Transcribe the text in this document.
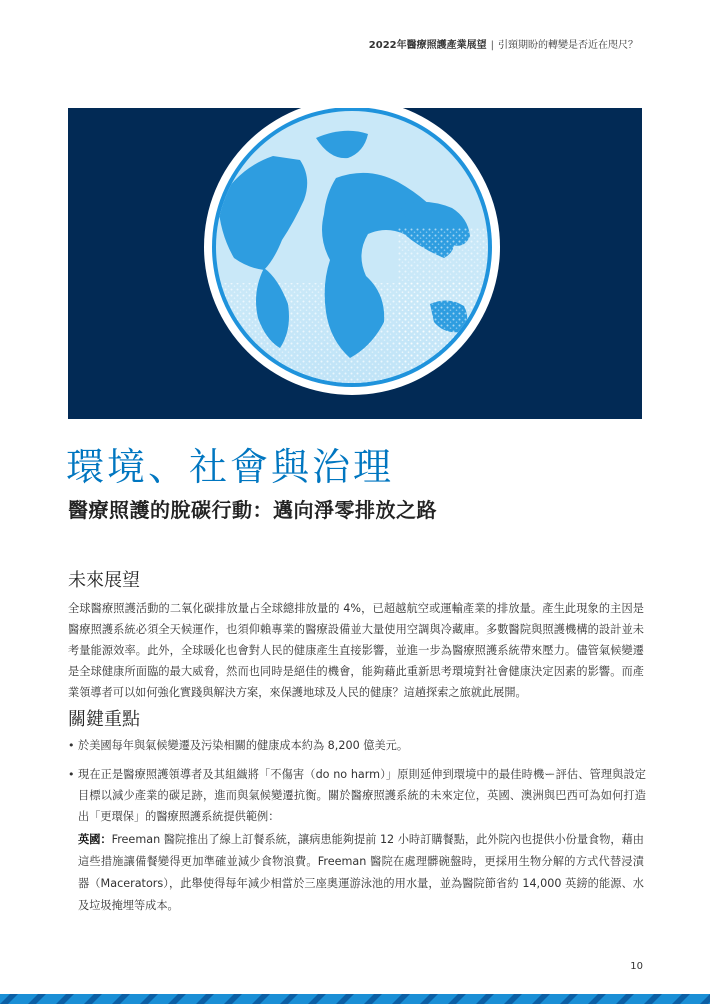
2022年醫療照護產業展望 | 引頸期盼的轉變是否近在咫尺？
環境、社會與治理
醫療照護的脫碳行動：邁向淨零排放之路
未來展望

全球醫療照護活動的二氧化碳排放量占全球總排放量的 4%，已超越航空或運輸產業的排放量。產生此現象的主因是醫療照護系統必須全天候運作，也須仰賴專業的醫療設備並大量使用空調與冷藏庫。多數醫院與照護機構的設計並未考量能源效率。此外，全球暖化也會對人民的健康產生直接影響，並進一步為醫療照護系統帶來壓力。儘管氣候變遷是全球健康所面臨的最大威脅，然而也同時是絕佳的機會，能夠藉此重新思考環境對社會健康決定因素的影響。而產業領導者可以如何強化實踐與解決方案，來保護地球及人民的健康？這趟探索之旅就此展開。

關鍵重點

• 於美國每年與氣候變遷及污染相關的健康成本約為 8,200 億美元。

• 現在正是醫療照護領導者及其組織將「不傷害（do no harm）」原則延伸到環境中的最佳時機ー評估、管理與設定目標以減少產業的碳足跡，進而與氣候變遷抗衡。關於醫療照護系統的未來定位，英國、澳洲與巴西可為如何打造出「更環保」的醫療照護系統提供範例：

英國：Freeman 醫院推出了線上訂餐系統，讓病患能夠提前 12 小時訂購餐點，此外院內也提供小份量食物，藉由這些措施讓備餐變得更加準確並減少食物浪費。Freeman 醫院在處理髒碗盤時，更採用生物分解的方式代替浸漬器（Macerators），此舉使得每年減少相當於三座奧運游泳池的用水量，並為醫院節省約 14,000 英鎊的能源、水及垃圾掩埋等成本。

10
